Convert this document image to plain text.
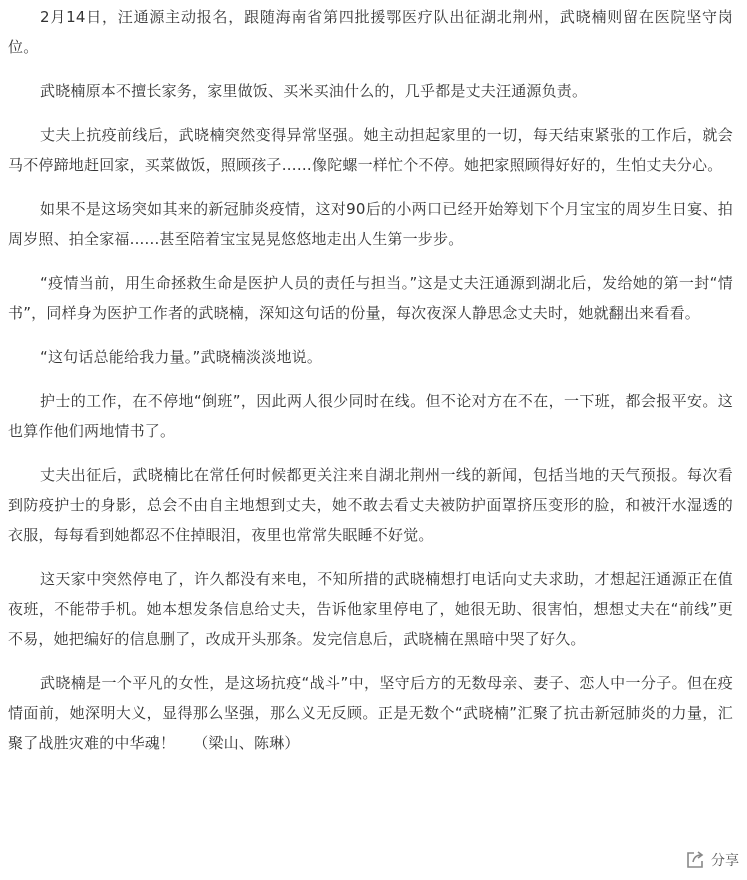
2月14日，汪通源主动报名，跟随海南省第四批援鄂医疗队出征湖北荆州，武晓楠则留在医院坚守岗位。

武晓楠原本不擅长家务，家里做饭、买米买油什么的，几乎都是丈夫汪通源负责。

丈夫上抗疫前线后，武晓楠突然变得异常坚强。她主动担起家里的一切，每天结束紧张的工作后，就会马不停蹄地赶回家，买菜做饭，照顾孩子……像陀螺一样忙个不停。她把家照顾得好好的，生怕丈夫分心。

如果不是这场突如其来的新冠肺炎疫情，这对90后的小两口已经开始筹划下个月宝宝的周岁生日宴、拍周岁照、拍全家福......甚至陪着宝宝晃晃悠悠地走出人生第一步步。

“疫情当前，用生命拯救生命是医护人员的责任与担当。”这是丈夫汪通源到湖北后，发给她的第一封“情书”，同样身为医护工作者的武晓楠，深知这句话的份量，每次夜深人静思念丈夫时，她就翻出来看看。

“这句话总能给我力量。”武晓楠淡淡地说。

护士的工作，在不停地“倒班”，因此两人很少同时在线。但不论对方在不在，一下班，都会报平安。这也算作他们两地情书了。

丈夫出征后，武晓楠比在常任何时候都更关注来自湖北荆州一线的新闻，包括当地的天气预报。每次看到防疫护士的身影，总会不由自主地想到丈夫，她不敢去看丈夫被防护面罩挤压变形的脸，和被汗水湿透的衣服，每每看到她都忍不住掉眼泪，夜里也常常失眠睡不好觉。

这天家中突然停电了，许久都没有来电，不知所措的武晓楠想打电话向丈夫求助，才想起汪通源正在值夜班，不能带手机。她本想发条信息给丈夫，告诉他家里停电了，她很无助、很害怕，想想丈夫在“前线”更不易，她把编好的信息删了，改成开头那条。发完信息后，武晓楠在黑暗中哭了好久。

武晓楠是一个平凡的女性，是这场抗疫“战斗”中，坚守后方的无数母亲、妻子、恋人中一分子。但在疫情面前，她深明大义，显得那么坚强，那么义无反顾。正是无数个“武晓楠”汇聚了抗击新冠肺炎的力量，汇聚了战胜灾难的中华魂！ （梁山、陈琳）

分享
